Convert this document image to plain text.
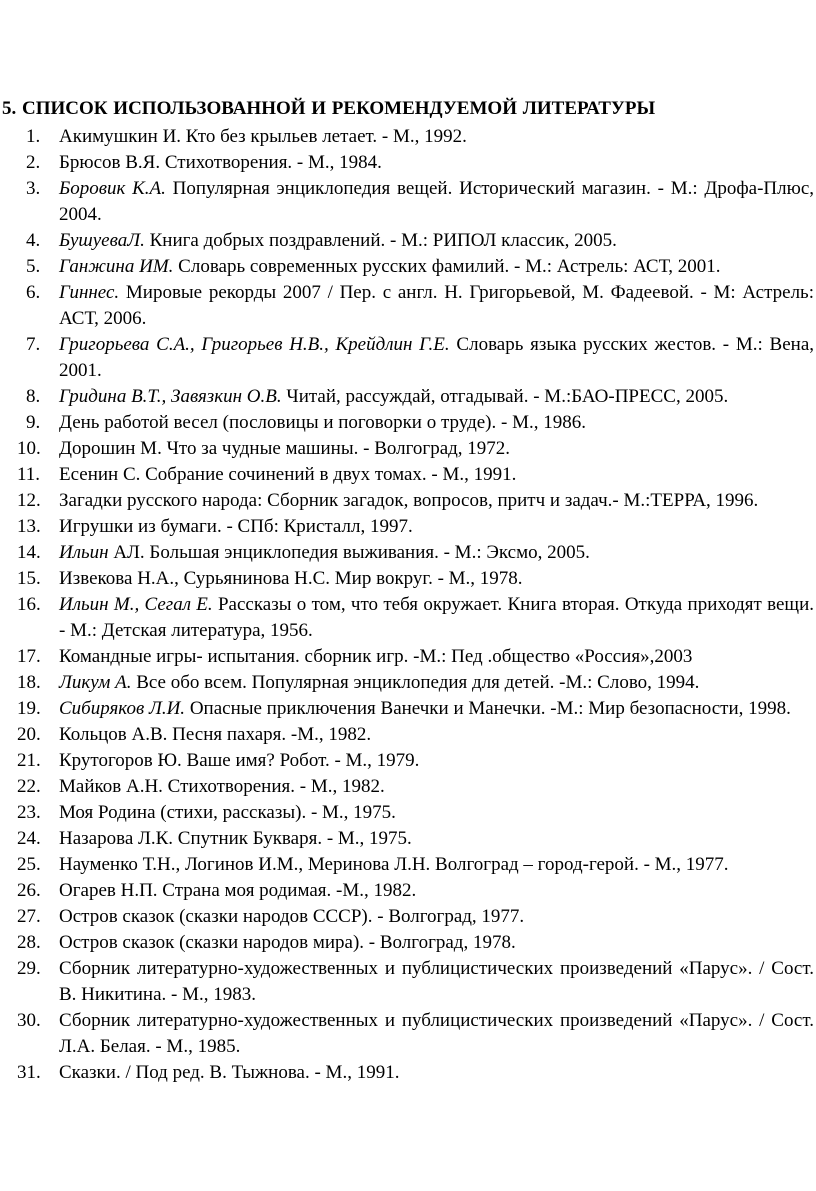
5. СПИСОК ИСПОЛЬЗОВАННОЙ И РЕКОМЕНДУЕМОЙ ЛИТЕРАТУРЫ
1. Акимушкин И. Кто без крыльев летает. - М., 1992.
2. Брюсов В.Я. Стихотворения. - М., 1984.
3. Боровик К.А. Популярная энциклопедия вещей. Исторический магазин. - М.: Дрофа-Плюс, 2004.
4. БушуеваЛ. Книга добрых поздравлений. - М.: РИПОЛ классик, 2005.
5. Ганжина ИМ. Словарь современных русских фамилий. - М.: Астрель: АСТ, 2001.
6. Гиннес. Мировые рекорды 2007 / Пер. с англ. Н. Григорьевой, М. Фадеевой. - М: Астрель: АСТ, 2006.
7. Григорьева С.А., Григорьев Н.В., Крейдлин Г.Е. Словарь языка русских жестов. - М.: Вена, 2001.
8. Гридина В.Т., Завязкин О.В. Читай, рассуждай, отгадывай. - М.:БАО-ПРЕСС, 2005.
9. День работой весел (пословицы и поговорки о труде). - М., 1986.
10. Дорошин М. Что за чудные машины. - Волгоград, 1972.
11. Есенин С. Собрание сочинений в двух томах. - М., 1991.
12. Загадки русского народа: Сборник загадок, вопросов, притч и задач.- М.:ТЕРРА, 1996.
13. Игрушки из бумаги. - СПб: Кристалл, 1997.
14. Ильин АЛ. Большая энциклопедия выживания. - М.: Эксмо, 2005.
15. Извекова Н.А., Сурьянинова Н.С. Мир вокруг. - М., 1978.
16. Ильин М., Сегал Е. Рассказы о том, что тебя окружает. Книга вторая. Откуда приходят вещи. - М.: Детская литература, 1956.
17. Командные игры- испытания. сборник игр. -М.: Пед .общество «Россия»,2003
18. Ликум А. Все обо всем. Популярная энциклопедия для детей. -М.: Слово, 1994.
19. Сибиряков Л.И. Опасные приключения Ванечки и Манечки. -М.: Мир безопасности, 1998.
20. Кольцов А.В. Песня пахаря. -М., 1982.
21. Крутогоров Ю. Ваше имя? Робот. - М., 1979.
22. Майков А.Н. Стихотворения. - М., 1982.
23. Моя Родина (стихи, рассказы). - М., 1975.
24. Назарова Л.К. Спутник Букваря. - М., 1975.
25. Науменко Т.Н., Логинов И.М., Меринова Л.Н. Волгоград – город-герой. - М., 1977.
26. Огарев Н.П. Страна моя родимая. -М., 1982.
27. Остров сказок (сказки народов СССР). - Волгоград, 1977.
28. Остров сказок (сказки народов мира). - Волгоград, 1978.
29. Сборник литературно-художественных и публицистических произведений «Парус». / Сост. В. Никитина. - М., 1983.
30. Сборник литературно-художественных и публицистических произведений «Парус». / Сост. Л.А. Белая. - М., 1985.
31. Сказки. / Под ред. В. Тыжнова. - М., 1991.
